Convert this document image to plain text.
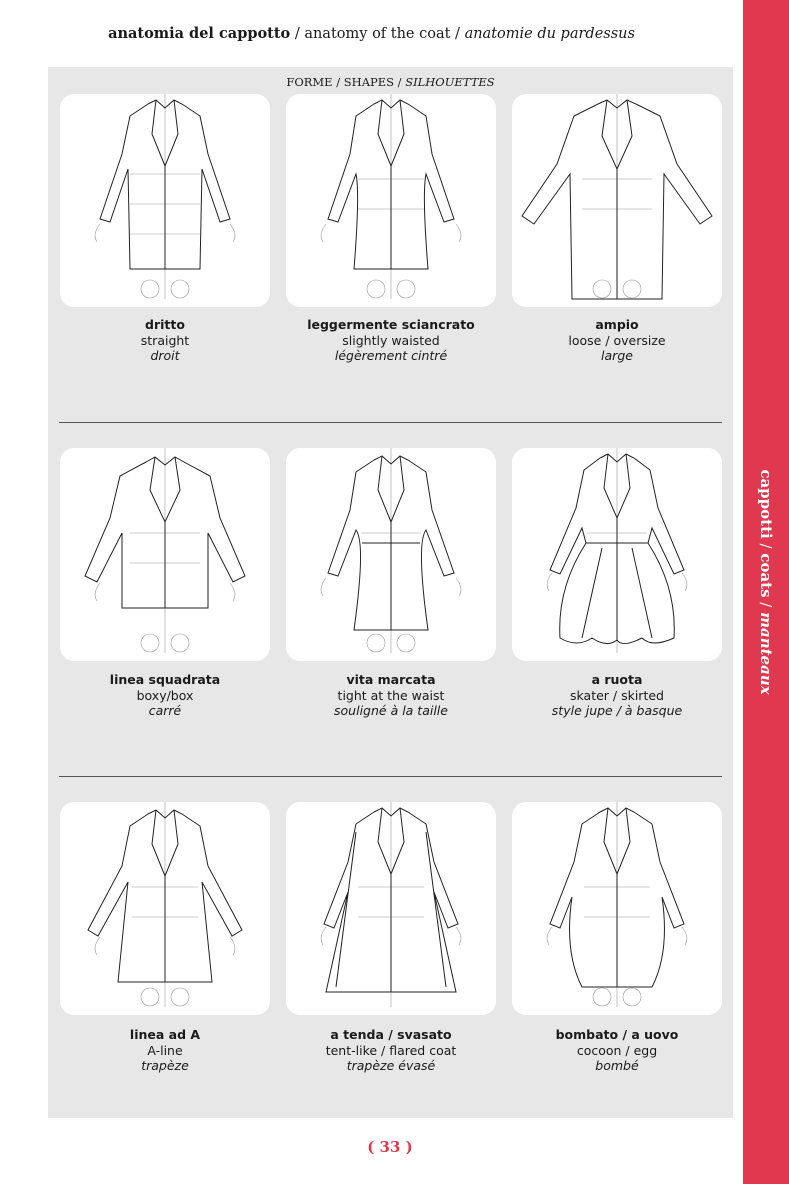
anatomia del cappotto / anatomy of the coat / anatomie du pardessus
cappotti / coats / manteaux
FORME / SHAPES / SILHOUETTES
dritto
straight
droit
leggermente sciancrato
slightly waisted
légèrement cintré
ampio
loose / oversize
large
linea squadrata
boxy/box
carré
vita marcata
tight at the waist
souligné à la taille
a ruota
skater / skirted
style jupe / à basque
linea ad A
A-line
trapèze
a tenda / svasato
tent-like / flared coat
trapèze évasé
bombato / a uovo
cocoon / egg
bombé
( 33 )
